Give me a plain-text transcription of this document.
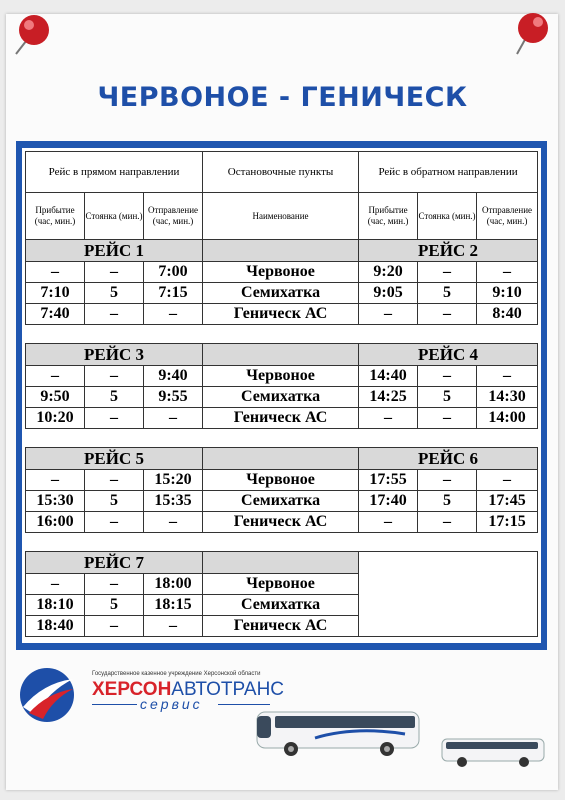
ЧЕРВОНОЕ - ГЕНИЧЕСК
Рейс в прямом направлении			Остановочные пункты	Рейс в обратном направлении		
Прибытие (час, мин.)	Стоянка (мин.)	Отправление (час, мин.)	Наименование	Прибытие (час, мин.)	Стоянка (мин.)	Отправление (час, мин.)
РЕЙС 1				РЕЙС 2		
–	–	7:00	Червоное	9:20	–	–
7:10	5	7:15	Семихатка	9:05	5	9:10
7:40	–	–	Геническ АС	–	–	8:40

РЕЙС 3				РЕЙС 4		
–	–	9:40	Червоное	14:40	–	–
9:50	5	9:55	Семихатка	14:25	5	14:30
10:20	–	–	Геническ АС	–	–	14:00

РЕЙС 5				РЕЙС 6		
–	–	15:20	Червоное	17:55	–	–
15:30	5	15:35	Семихатка	17:40	5	17:45
16:00	–	–	Геническ АС	–	–	17:15

РЕЙС 7						
–	–	18:00	Червоное			
18:10	5	18:15	Семихатка			
18:40	–	–	Геническ АС			
Государственное казенное учреждение Херсонской области
ХЕРСОНАВТОТРАНС
сервис
